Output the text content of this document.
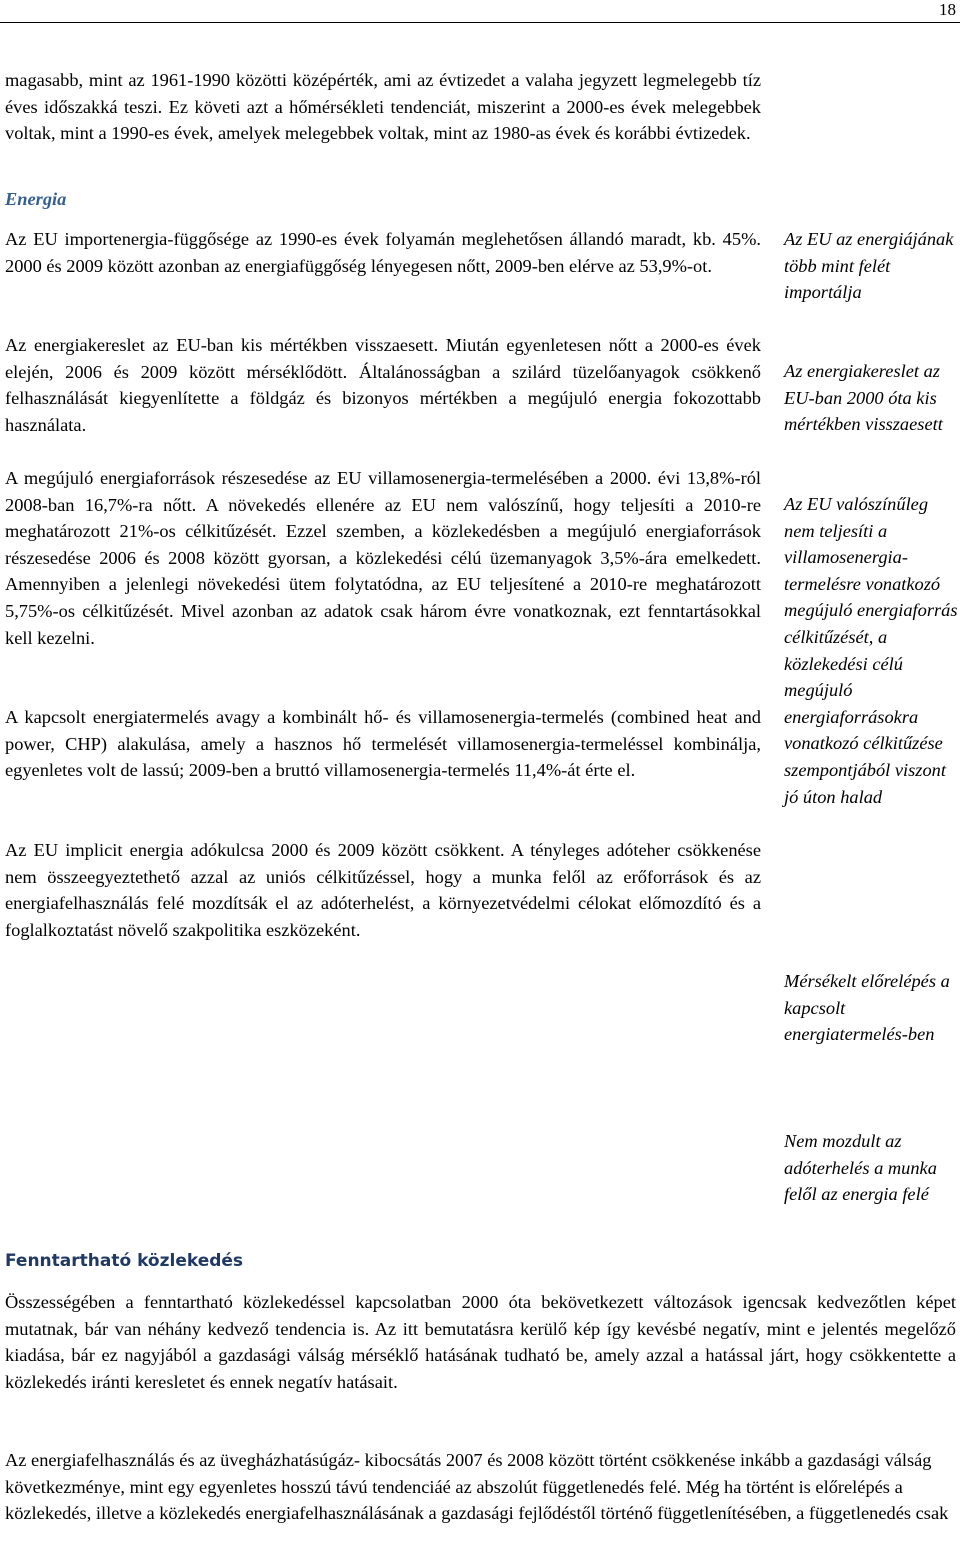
18

magasabb, mint az 1961-1990 közötti középérték, ami az évtizedet a valaha jegyzett legmelegebb tíz éves időszakká teszi. Ez követi azt a hőmérsékleti tendenciát, miszerint a 2000-es évek melegebbek voltak, mint a 1990-es évek, amelyek melegebbek voltak, mint az 1980-as évek és korábbi évtizedek.

Energia

Az EU importenergia-függősége az 1990-es évek folyamán meglehetősen állandó maradt, kb. 45%. 2000 és 2009 között azonban az energiafüggőség lényegesen nőtt, 2009-ben elérve az 53,9%-ot.

Az energiakereslet az EU-ban kis mértékben visszaesett. Miután egyenletesen nőtt a 2000-es évek elején, 2006 és 2009 között mérséklődött. Általánosságban a szilárd tüzelőanyagok csökkenő felhasználását kiegyenlítette a földgáz és bizonyos mértékben a megújuló energia fokozottabb használata.

A megújuló energiaforrások részesedése az EU villamosenergia-termelésében a 2000. évi 13,8%-ról 2008-ban 16,7%-ra nőtt. A növekedés ellenére az EU nem valószínű, hogy teljesíti a 2010-re meghatározott 21%-os célkitűzését. Ezzel szemben, a közlekedésben a megújuló energiaforrások részesedése 2006 és 2008 között gyorsan, a közlekedési célú üzemanyagok 3,5%-ára emelkedett. Amennyiben a jelenlegi növekedési ütem folytatódna, az EU teljesítené a 2010-re meghatározott 5,75%-os célkitűzését. Mivel azonban az adatok csak három évre vonatkoznak, ezt fenntartásokkal kell kezelni.

A kapcsolt energiatermelés avagy a kombinált hő- és villamosenergia-termelés (combined heat and power, CHP) alakulása, amely a hasznos hő termelését villamosenergia-termeléssel kombinálja, egyenletes volt de lassú; 2009-ben a bruttó villamosenergia-termelés 11,4%-át érte el.

Az EU implicit energia adókulcsa 2000 és 2009 között csökkent. A tényleges adóteher csökkenése nem összeegyeztethető azzal az uniós célkitűzéssel, hogy a munka felől az erőforrások és az energiafelhasználás felé mozdítsák el az adóterhelést, a környezetvédelmi célokat előmozdító és a foglalkoztatást növelő szakpolitika eszközeként.

Az EU az energiájának több mint felét importálja

Az energiakereslet az EU-ban 2000 óta kis mértékben visszaesett

Az EU valószínűleg nem teljesíti a villamosenergia-termelésre vonatkozó megújuló energiaforrás célkitűzését, a közlekedési célú megújuló energiaforrásokra vonatkozó célkitűzése szempontjából viszont jó úton halad

Mérsékelt előrelépés a kapcsolt energiatermelés-ben

Nem mozdult az adóterhelés a munka felől az energia felé

Fenntartható közlekedés

Összességében a fenntartható közlekedéssel kapcsolatban 2000 óta bekövetkezett változások igencsak kedvezőtlen képet mutatnak, bár van néhány kedvező tendencia is. Az itt bemutatásra kerülő kép így kevésbé negatív, mint e jelentés megelőző kiadása, bár ez nagyjából a gazdasági válság mérséklő hatásának tudható be, amely azzal a hatással járt, hogy csökkentette a közlekedés iránti keresletet és ennek negatív hatásait.

Az energiafelhasználás és az üvegházhatásúgáz- kibocsátás 2007 és 2008 között történt csökkenése inkább a gazdasági válság következménye, mint egy egyenletes hosszú távú tendenciáé az abszolút függetlenedés felé. Még ha történt is előrelépés a közlekedés, illetve a közlekedés energiafelhasználásának a gazdasági fejlődéstől történő függetlenítésében, a függetlenedés csak
